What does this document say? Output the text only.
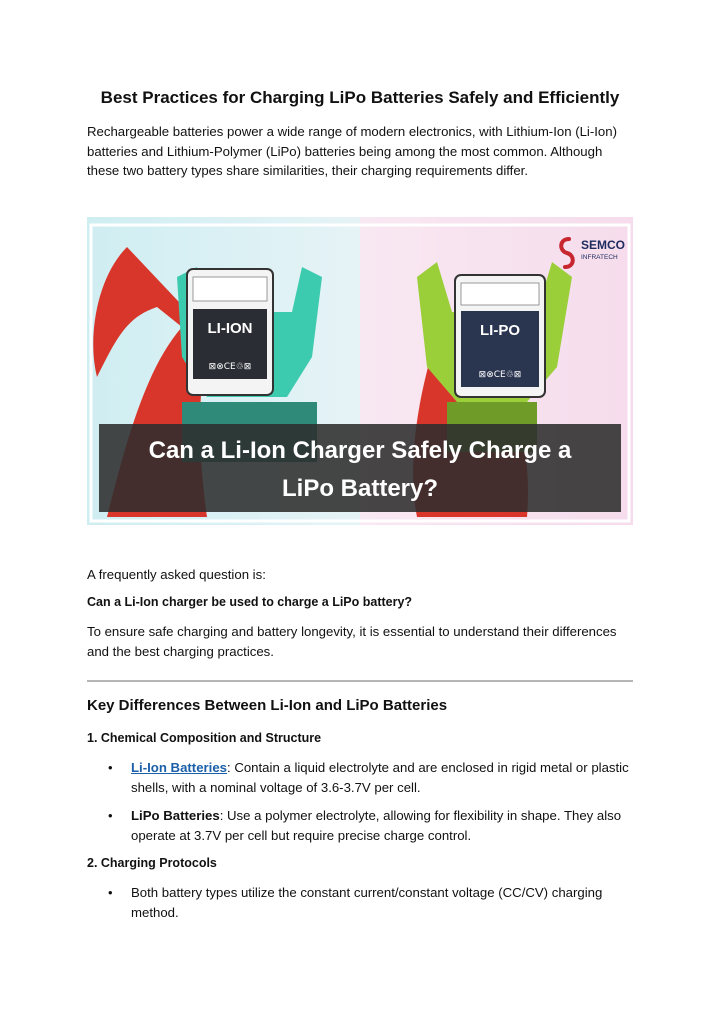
Best Practices for Charging LiPo Batteries Safely and Efficiently

Rechargeable batteries power a wide range of modern electronics, with Lithium-Ion (Li-Ion) batteries and Lithium-Polymer (LiPo) batteries being among the most common. Although these two battery types share similarities, their charging requirements differ.

LI-ION
⊠⊗CE♲⊠
LI-PO
⊠⊗CE♲⊠
SEMCO
INFRATECH
Can a Li-Ion Charger Safely Charge a
LiPo Battery?

A frequently asked question is:

Can a Li-Ion charger be used to charge a LiPo battery?

To ensure safe charging and battery longevity, it is essential to understand their differences and the best charging practices.

Key Differences Between Li-Ion and LiPo Batteries
1. Chemical Composition and Structure
• Li-Ion Batteries: Contain a liquid electrolyte and are enclosed in rigid metal or plastic shells, with a nominal voltage of 3.6-3.7V per cell.

• LiPo Batteries: Use a polymer electrolyte, allowing for flexibility in shape. They also operate at 3.7V per cell but require precise charge control.

2. Charging Protocols
• Both battery types utilize the constant current/constant voltage (CC/CV) charging method.
